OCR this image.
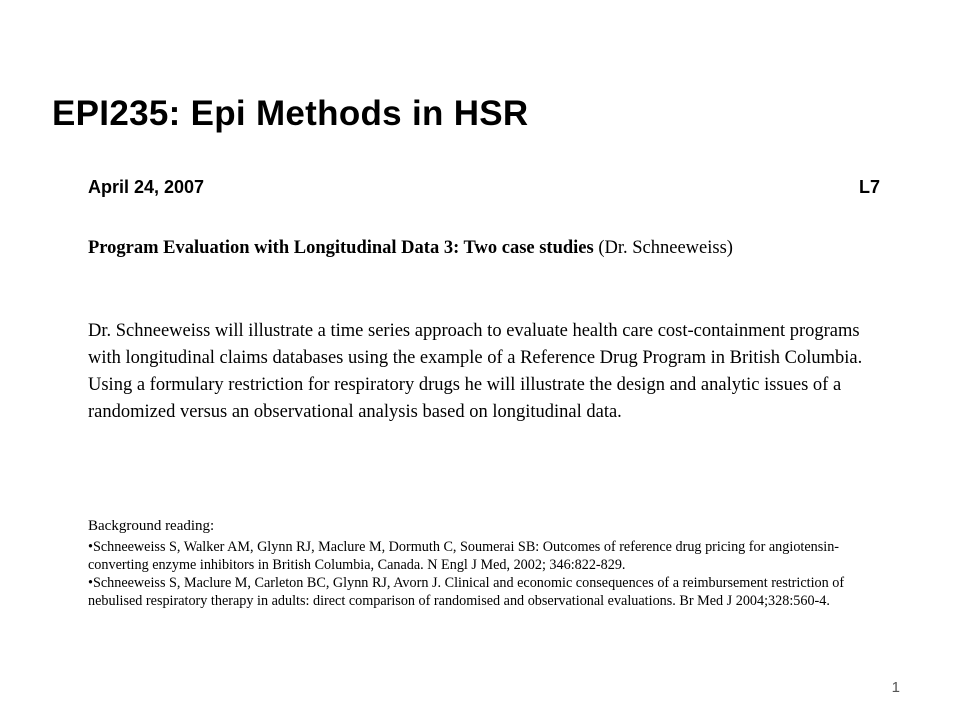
EPI235: Epi Methods in HSR
April 24, 2007	L7

Program Evaluation with Longitudinal Data 3: Two case studies (Dr. Schneeweiss)

Dr. Schneeweiss will illustrate a time series approach to evaluate health care cost-containment programs with longitudinal claims databases using the example of a Reference Drug Program in British Columbia.

Using a formulary restriction for respiratory drugs he will illustrate the design and analytic issues of a randomized versus an observational analysis based on longitudinal data.

Background reading:

•Schneeweiss S, Walker AM, Glynn RJ, Maclure M, Dormuth C, Soumerai SB: Outcomes of reference drug pricing for angiotensin-converting enzyme inhibitors in British Columbia, Canada. N Engl J Med, 2002; 346:822-829.

•Schneeweiss S, Maclure M, Carleton BC, Glynn RJ, Avorn J. Clinical and economic consequences of a reimbursement restriction of nebulised respiratory therapy in adults: direct comparison of randomised and observational evaluations. Br Med J 2004;328:560-4.

1
